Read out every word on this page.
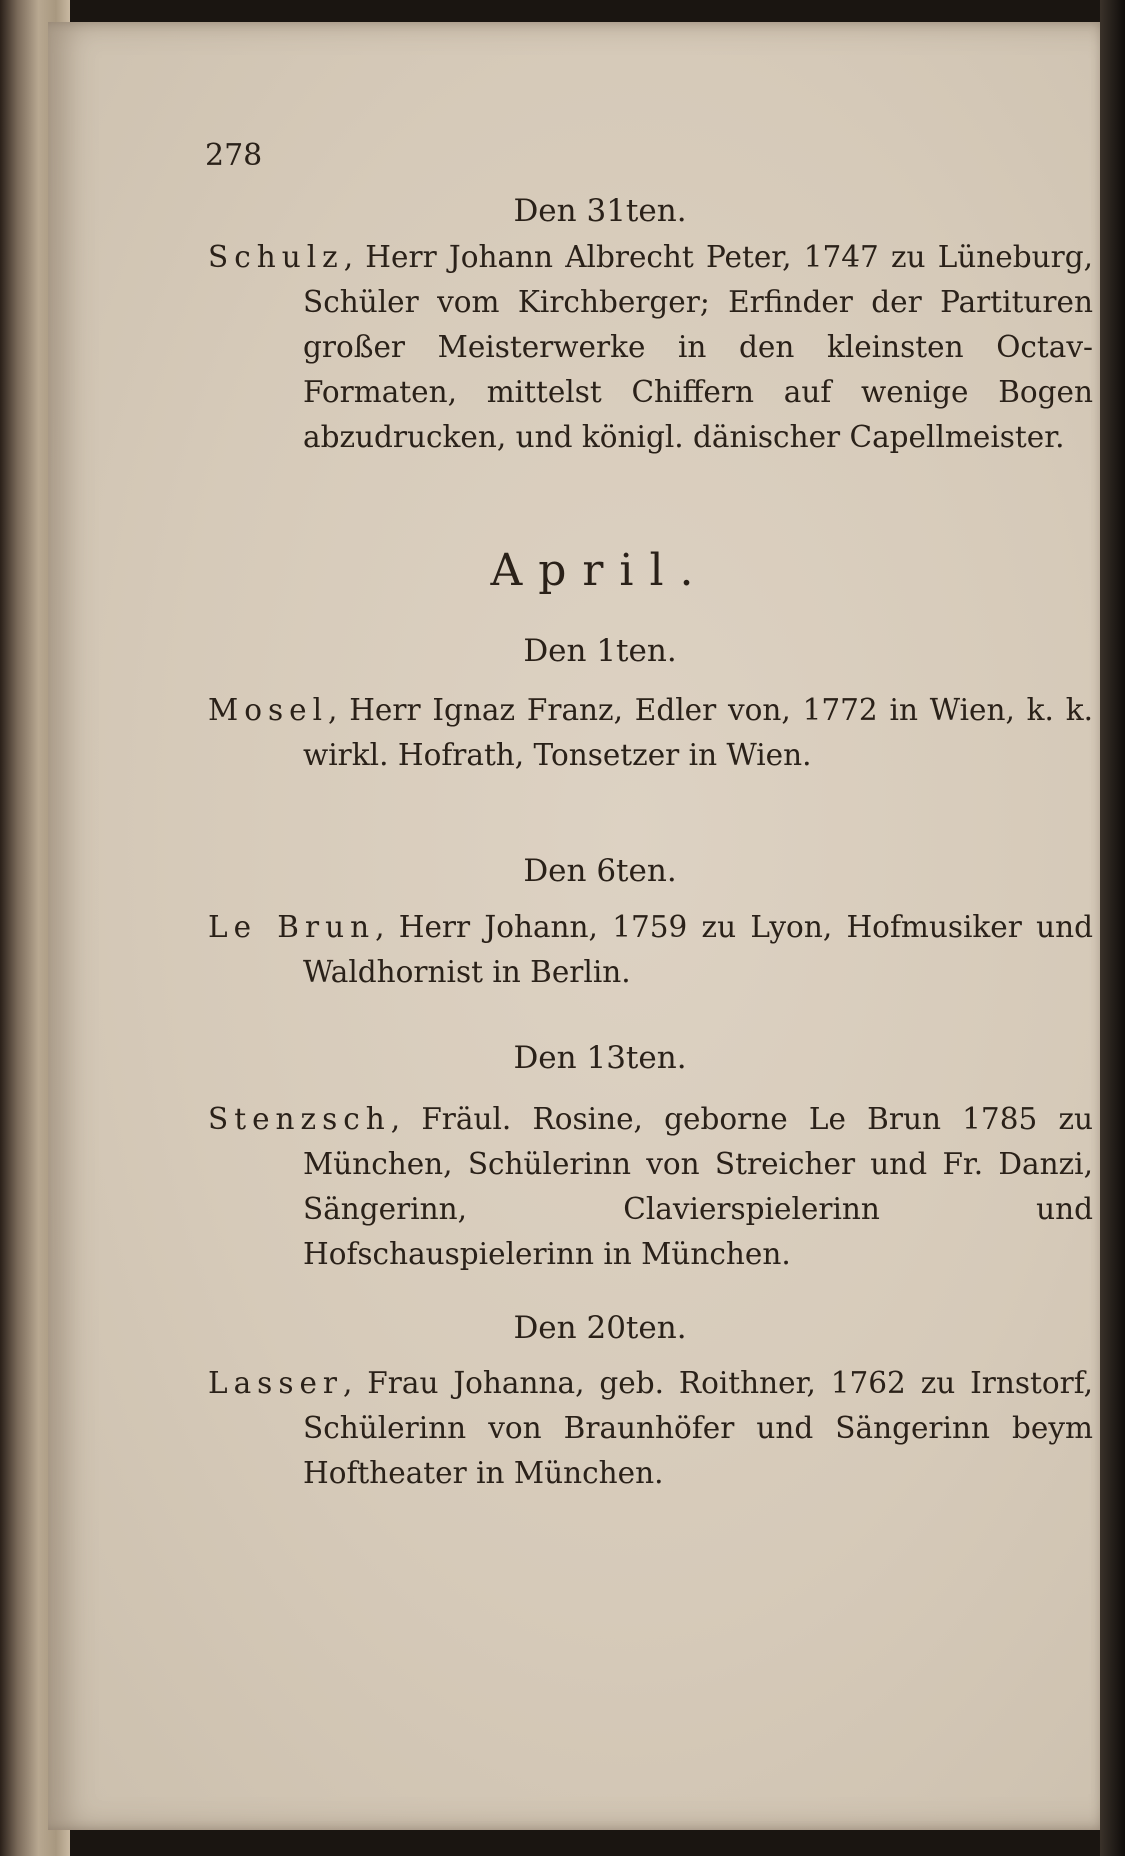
278
Den 31ten.
Schulz, Herr Johann Albrecht Peter, 1747 zu Lüneburg, Schüler vom Kirchberger; Erfinder der Partituren großer Meisterwerke in den kleinsten Octav-Formaten, mittelst Chiffern auf wenige Bogen abzudrucken, und königl. dänischer Capellmeister.
April.
Den 1ten.
Mosel, Herr Ignaz Franz, Edler von, 1772 in Wien, k. k. wirkl. Hofrath, Tonsetzer in Wien.
Den 6ten.
Le Brun, Herr Johann, 1759 zu Lyon, Hofmusiker und Waldhornist in Berlin.
Den 13ten.
Stenzsch, Fräul. Rosine, geborne Le Brun 1785 zu München, Schülerinn von Streicher und Fr. Danzi, Sängerinn, Clavierspielerinn und Hofschauspielerinn in München.
Den 20ten.
Lasser, Frau Johanna, geb. Roithner, 1762 zu Irnstorf, Schülerinn von Braunhöfer und Sängerinn beym Hoftheater in München.
